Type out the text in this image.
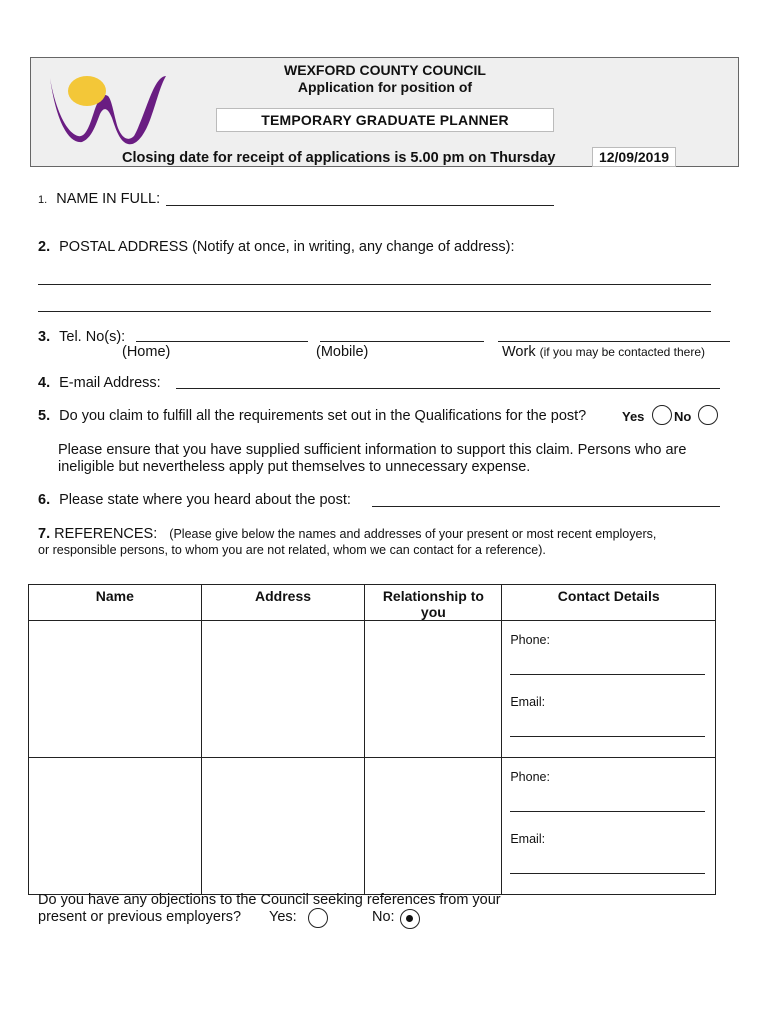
WEXFORD COUNTY COUNCIL
Application for position of
TEMPORARY GRADUATE PLANNER
Closing date for receipt of applications is 5.00 pm on Thursday	12/09/2019
1. NAME IN FULL:
2. POSTAL ADDRESS (Notify at once, in writing, any change of address):
3. Tel. No(s):
(Home)	(Mobile)	Work (if you may be contacted there)
4. E-mail Address:
5. Do you claim to fulfill all the requirements set out in the Qualifications for the post?	Yes No
Please ensure that you have supplied sufficient information to support this claim. Persons who are
ineligible but nevertheless apply put themselves to unnecessary expense.
6. Please state where you heard about the post:
7. REFERENCES: (Please give below the names and addresses of your present or most recent employers,
or responsible persons, to whom you are not related, whom we can contact for a reference).
Name	Address	Relationship to you	Contact Details

			Phone:
Email:

			Phone:
Email:
Do you have any objections to the Council seeking references from your
present or previous employers? Yes:	No:
